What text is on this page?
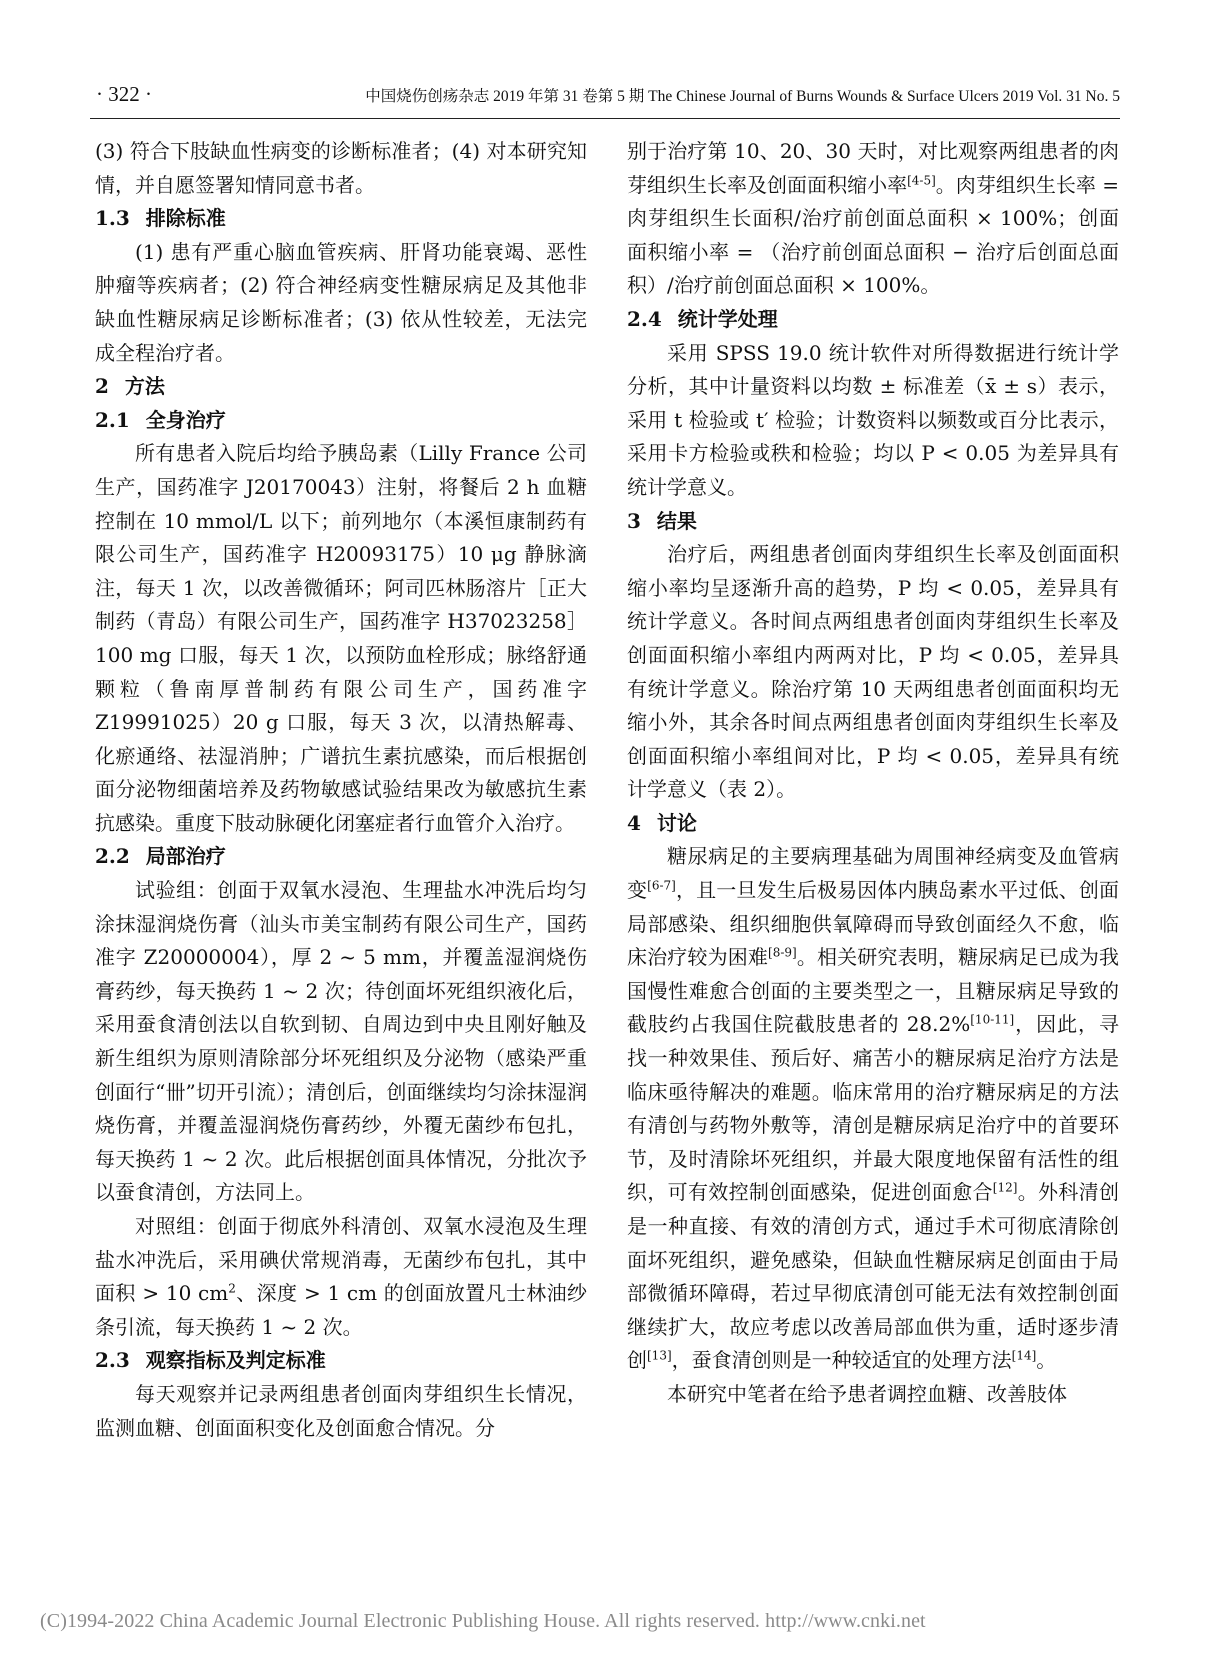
· 322 ·	中国烧伤创疡杂志 2019 年第 31 卷第 5 期 The Chinese Journal of Burns Wounds & Surface Ulcers 2019 Vol. 31 No. 5

(3) 符合下肢缺血性病变的诊断标准者；(4) 对本研究知情，并自愿签署知情同意书者。

1.3 排除标准

(1) 患有严重心脑血管疾病、肝肾功能衰竭、恶性肿瘤等疾病者；(2) 符合神经病变性糖尿病足及其他非缺血性糖尿病足诊断标准者；(3) 依从性较差，无法完成全程治疗者。

2 方法

2.1 全身治疗

所有患者入院后均给予胰岛素（Lilly France 公司生产，国药准字 J20170043）注射，将餐后 2 h 血糖控制在 10 mmol/L 以下；前列地尔（本溪恒康制药有限公司生产，国药准字 H20093175）10 μg 静脉滴注，每天 1 次，以改善微循环；阿司匹林肠溶片［正大制药（青岛）有限公司生产，国药准字 H37023258］100 mg 口服，每天 1 次，以预防血栓形成；脉络舒通颗粒（鲁南厚普制药有限公司生产，国药准字 Z19991025）20 g 口服，每天 3 次，以清热解毒、化瘀通络、祛湿消肿；广谱抗生素抗感染，而后根据创面分泌物细菌培养及药物敏感试验结果改为敏感抗生素抗感染。重度下肢动脉硬化闭塞症者行血管介入治疗。

2.2 局部治疗

试验组：创面于双氧水浸泡、生理盐水冲洗后均匀涂抹湿润烧伤膏（汕头市美宝制药有限公司生产，国药准字 Z20000004），厚 2 ~ 5 mm，并覆盖湿润烧伤膏药纱，每天换药 1 ~ 2 次；待创面坏死组织液化后，采用蚕食清创法以自软到韧、自周边到中央且刚好触及新生组织为原则清除部分坏死组织及分泌物（感染严重创面行“卌”切开引流）；清创后，创面继续均匀涂抹湿润烧伤膏，并覆盖湿润烧伤膏药纱，外覆无菌纱布包扎，每天换药 1 ~ 2 次。此后根据创面具体情况，分批次予以蚕食清创，方法同上。

对照组：创面于彻底外科清创、双氧水浸泡及生理盐水冲洗后，采用碘伏常规消毒，无菌纱布包扎，其中面积 > 10 $cm^2$、深度 > 1 cm 的创面放置凡士林油纱条引流，每天换药 1 ~ 2 次。

2.3 观察指标及判定标准

每天观察并记录两组患者创面肉芽组织生长情况，监测血糖、创面面积变化及创面愈合情况。分

别于治疗第 10、20、30 天时，对比观察两组患者的肉芽组织生长率及创面面积缩小率[4-5]。肉芽组织生长率 = 肉芽组织生长面积/治疗前创面总面积 × 100%；创面面积缩小率 = （治疗前创面总面积 − 治疗后创面总面积）/治疗前创面总面积 × 100%。

2.4 统计学处理

采用 SPSS 19.0 统计软件对所得数据进行统计学分析，其中计量资料以均数 ± 标准差（x̄ ± s）表示，采用 t 检验或 t′ 检验；计数资料以频数或百分比表示，采用卡方检验或秩和检验；均以 P < 0.05 为差异具有统计学意义。

3 结果

治疗后，两组患者创面肉芽组织生长率及创面面积缩小率均呈逐渐升高的趋势，P 均 < 0.05，差异具有统计学意义。各时间点两组患者创面肉芽组织生长率及创面面积缩小率组内两两对比，P 均 < 0.05，差异具有统计学意义。除治疗第 10 天两组患者创面面积均无缩小外，其余各时间点两组患者创面肉芽组织生长率及创面面积缩小率组间对比，P 均 < 0.05，差异具有统计学意义（表 2）。

4 讨论

糖尿病足的主要病理基础为周围神经病变及血管病变[6-7]，且一旦发生后极易因体内胰岛素水平过低、创面局部感染、组织细胞供氧障碍而导致创面经久不愈，临床治疗较为困难[8-9]。相关研究表明，糖尿病足已成为我国慢性难愈合创面的主要类型之一，且糖尿病足导致的截肢约占我国住院截肢患者的 28.2%[10-11]，因此，寻找一种效果佳、预后好、痛苦小的糖尿病足治疗方法是临床亟待解决的难题。临床常用的治疗糖尿病足的方法有清创与药物外敷等，清创是糖尿病足治疗中的首要环节，及时清除坏死组织，并最大限度地保留有活性的组织，可有效控制创面感染，促进创面愈合[12]。外科清创是一种直接、有效的清创方式，通过手术可彻底清除创面坏死组织，避免感染，但缺血性糖尿病足创面由于局部微循环障碍，若过早彻底清创可能无法有效控制创面继续扩大，故应考虑以改善局部血供为重，适时逐步清创[13]，蚕食清创则是一种较适宜的处理方法[14]。

本研究中笔者在给予患者调控血糖、改善肢体

(C)1994-2022 China Academic Journal Electronic Publishing House. All rights reserved. http://www.cnki.net
